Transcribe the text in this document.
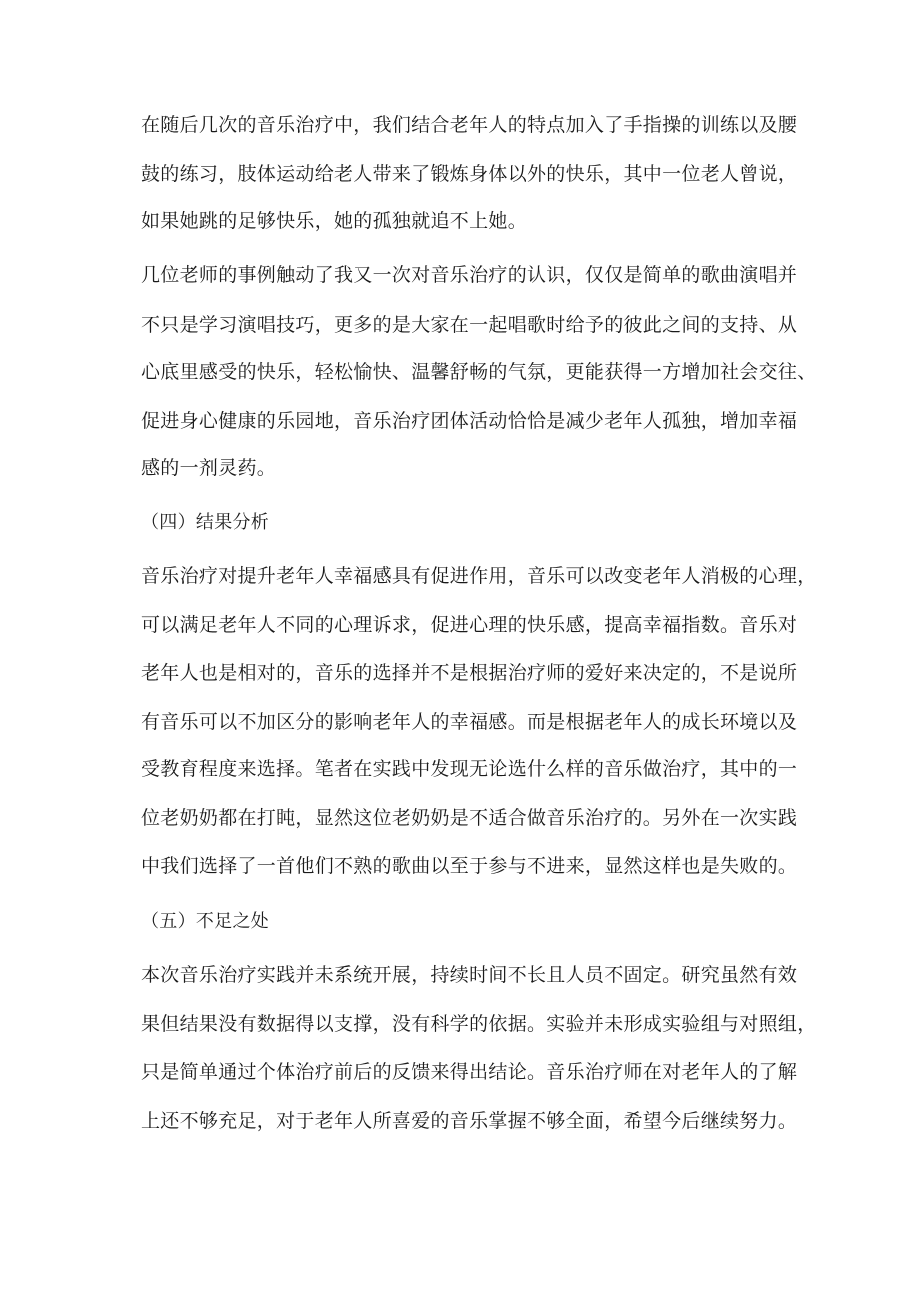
在随后几次的音乐治疗中，我们结合老年人的特点加入了手指操的训练以及腰

鼓的练习，肢体运动给老人带来了锻炼身体以外的快乐，其中一位老人曾说，

如果她跳的足够快乐，她的孤独就追不上她。

几位老师的事例触动了我又一次对音乐治疗的认识，仅仅是简单的歌曲演唱并

不只是学习演唱技巧，更多的是大家在一起唱歌时给予的彼此之间的支持、从

心底里感受的快乐，轻松愉快、温馨舒畅的气氛，更能获得一方增加社会交往、

促进身心健康的乐园地，音乐治疗团体活动恰恰是减少老年人孤独，增加幸福

感的一剂灵药。

（四）结果分析

音乐治疗对提升老年人幸福感具有促进作用，音乐可以改变老年人消极的心理，

可以满足老年人不同的心理诉求，促进心理的快乐感，提高幸福指数。音乐对

老年人也是相对的，音乐的选择并不是根据治疗师的爱好来决定的，不是说所

有音乐可以不加区分的影响老年人的幸福感。而是根据老年人的成长环境以及

受教育程度来选择。笔者在实践中发现无论选什么样的音乐做治疗，其中的一

位老奶奶都在打盹，显然这位老奶奶是不适合做音乐治疗的。另外在一次实践

中我们选择了一首他们不熟的歌曲以至于参与不进来，显然这样也是失败的。

（五）不足之处

本次音乐治疗实践并未系统开展，持续时间不长且人员不固定。研究虽然有效

果但结果没有数据得以支撑，没有科学的依据。实验并未形成实验组与对照组，

只是简单通过个体治疗前后的反馈来得出结论。音乐治疗师在对老年人的了解

上还不够充足，对于老年人所喜爱的音乐掌握不够全面，希望今后继续努力。
